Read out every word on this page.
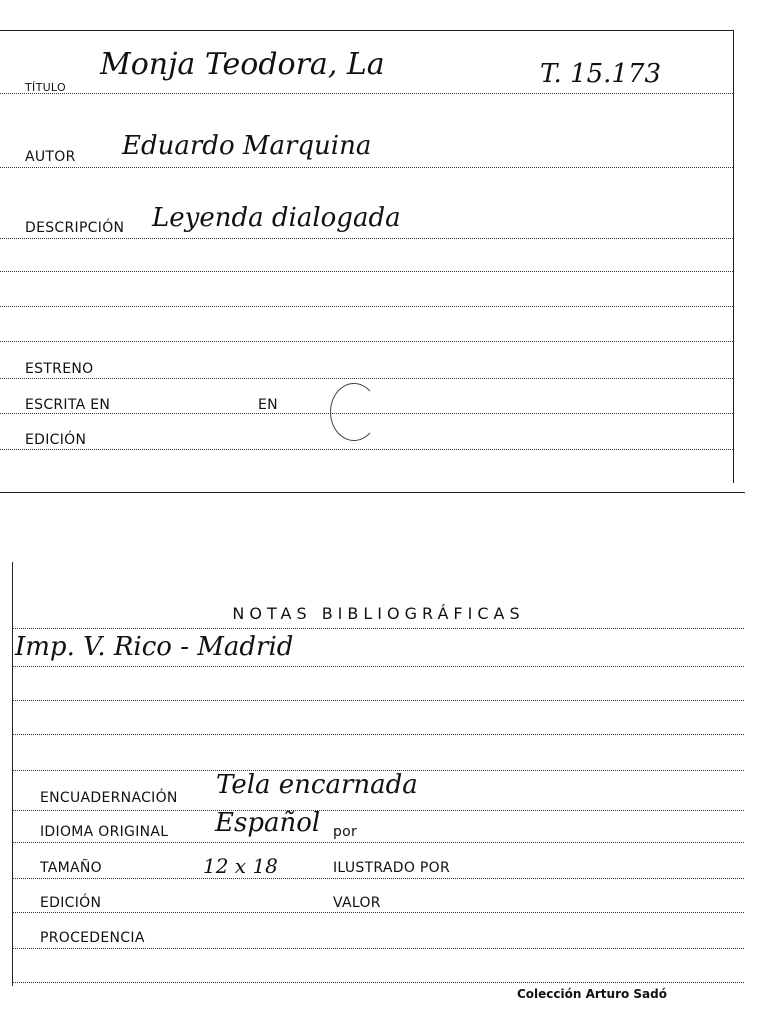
TÍTULO
Monja Teodora, La	T. 15.173
AUTOR Eduardo Marquina
DESCRIPCIÓN Leyenda dialogada
ESTRENO
ESCRITA EN	EN
EDICIÓN
NOTAS BIBLIOGRÁFICAS
Imp. V. Rico - Madrid
ENCUADERNACIÓN Tela encarnada
IDIOMA ORIGINAL Español por
TAMAÑO	12 x 18	ILUSTRADO POR
EDICIÓN	VALOR
PROCEDENCIA
Colección Arturo Sadó
